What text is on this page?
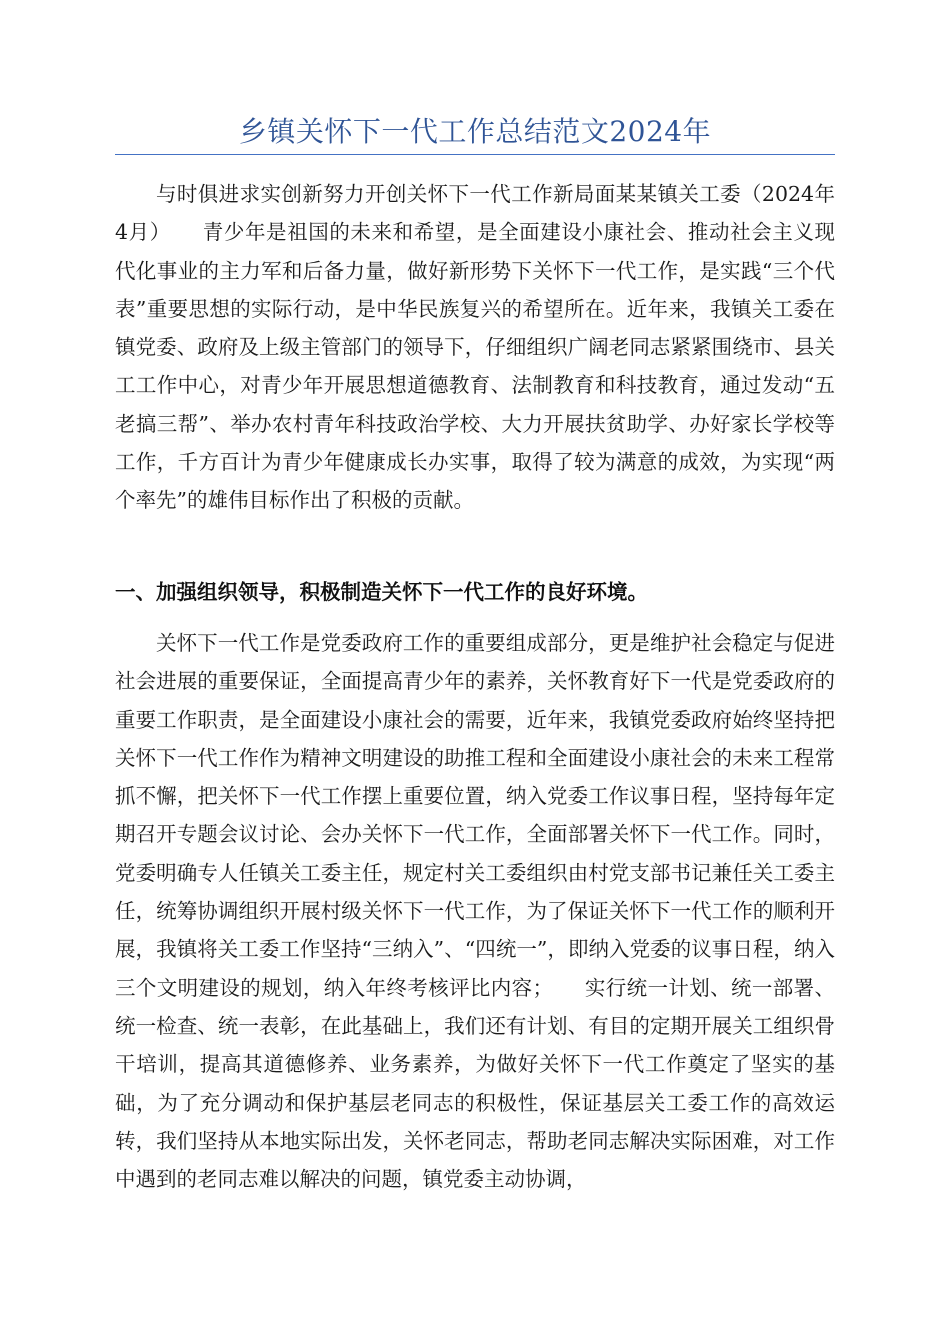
乡镇关怀下一代工作总结范文2024年

与时俱进求实创新努力开创关怀下一代工作新局面某某镇关工委（2024年4月）　　青少年是祖国的未来和希望，是全面建设小康社会、推动社会主义现代化事业的主力军和后备力量，做好新形势下关怀下一代工作，是实践“三个代表”重要思想的实际行动，是中华民族复兴的希望所在。近年来，我镇关工委在镇党委、政府及上级主管部门的领导下，仔细组织广阔老同志紧紧围绕市、县关工工作中心，对青少年开展思想道德教育、法制教育和科技教育，通过发动“五老搞三帮”、举办农村青年科技政治学校、大力开展扶贫助学、办好家长学校等工作，千方百计为青少年健康成长办实事，取得了较为满意的成效，为实现“两个率先”的雄伟目标作出了积极的贡献。

一、加强组织领导，积极制造关怀下一代工作的良好环境。

关怀下一代工作是党委政府工作的重要组成部分，更是维护社会稳定与促进社会进展的重要保证，全面提高青少年的素养，关怀教育好下一代是党委政府的重要工作职责，是全面建设小康社会的需要，近年来，我镇党委政府始终坚持把关怀下一代工作作为精神文明建设的助推工程和全面建设小康社会的未来工程常抓不懈，把关怀下一代工作摆上重要位置，纳入党委工作议事日程，坚持每年定期召开专题会议讨论、会办关怀下一代工作，全面部署关怀下一代工作。同时，党委明确专人任镇关工委主任，规定村关工委组织由村党支部书记兼任关工委主任，统筹协调组织开展村级关怀下一代工作，为了保证关怀下一代工作的顺利开展，我镇将关工委工作坚持“三纳入”、“四统一”，即纳入党委的议事日程，纳入三个文明建设的规划，纳入年终考核评比内容；　　实行统一计划、统一部署、统一检查、统一表彰，在此基础上，我们还有计划、有目的定期开展关工组织骨干培训，提高其道德修养、业务素养，为做好关怀下一代工作奠定了坚实的基础，为了充分调动和保护基层老同志的积极性，保证基层关工委工作的高效运转，我们坚持从本地实际出发，关怀老同志，帮助老同志解决实际困难，对工作中遇到的老同志难以解决的问题，镇党委主动协调，
